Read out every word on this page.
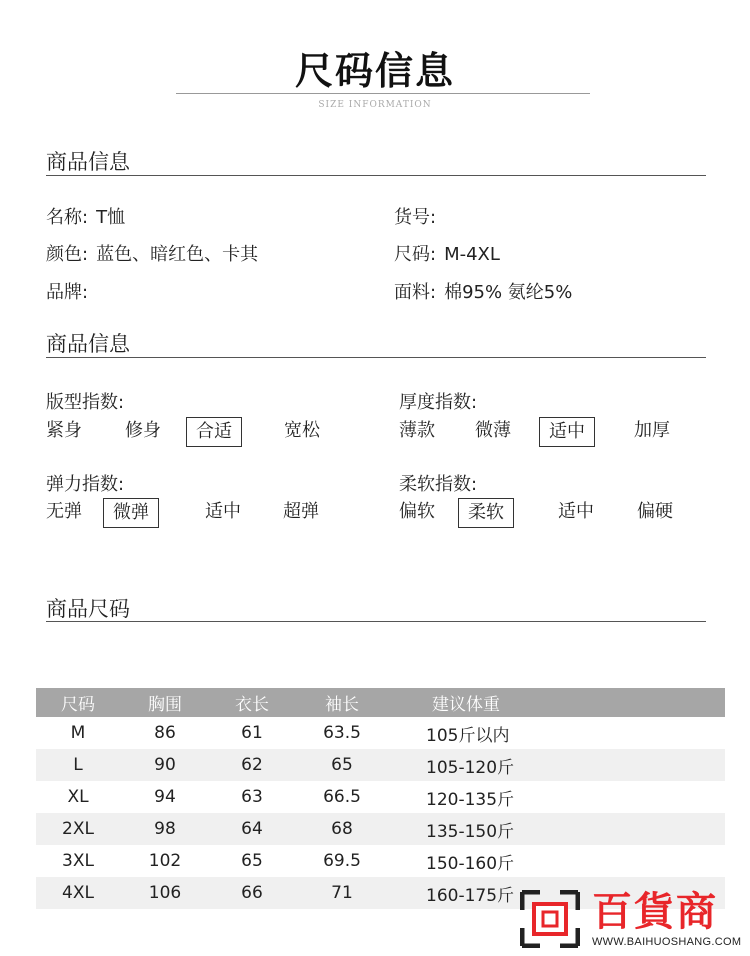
尺码信息
SIZE INFORMATION
商品信息
名称 : T恤	货号 :
颜色 : 蓝色、暗红色、卡其	尺码 : M-4XL
品牌 :	面料 : 棉95% 氨纶5%
商品信息
版型指数 :
紧身 修身	合适	宽松
厚度指数 :
薄款 微薄	适中	加厚
弹力指数 :
无弹	微弹	适中 超弹
柔软指数 :
偏软	柔软	适中 偏硬
商品尺码
尺码	胸围	衣长	袖长	建议体重
M	86	61	63.5	105斤以内
L	90	62	65	105-120斤
XL	94	63	66.5	120-135斤
2XL	98	64	68	135-150斤
3XL	102	65	69.5	150-160斤
4XL	106	66	71	160-175斤	百貨商
WWW.BAIHUOSHANG.COM
